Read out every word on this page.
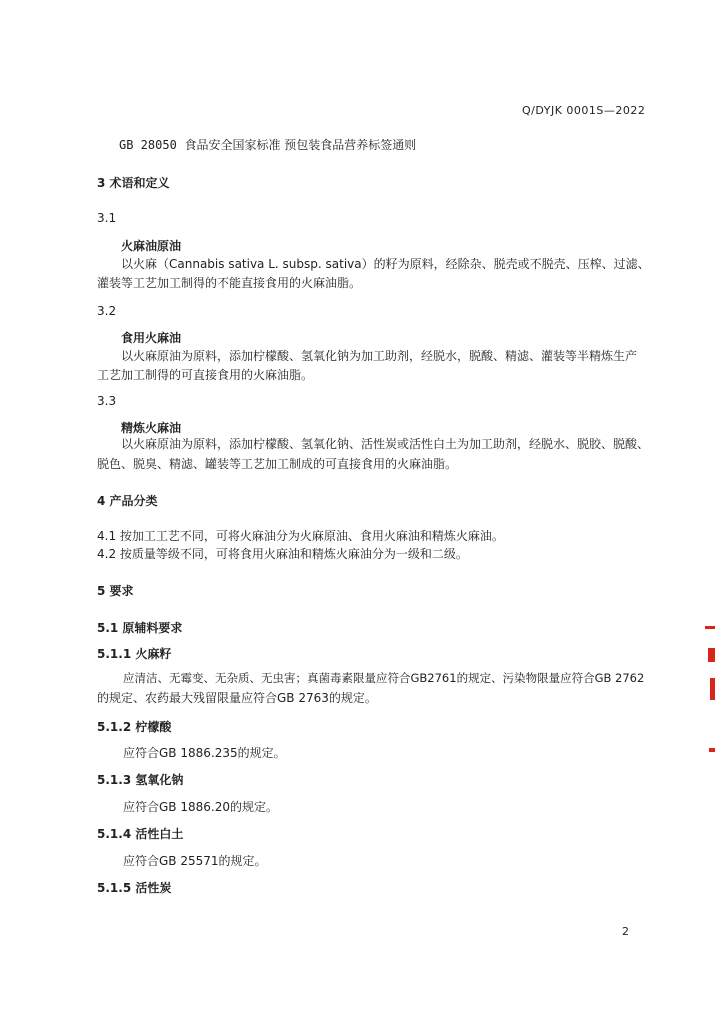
Q/DYJK 0001S—2022
GB 28050 食品安全国家标准 预包装食品营养标签通则
3 术语和定义
3.1
火麻油原油
以火麻（Cannabis sativa L. subsp. sativa）的籽为原料，经除杂、脱壳或不脱壳、压榨、过滤、
灌装等工艺加工制得的不能直接食用的火麻油脂。
3.2
食用火麻油
以火麻原油为原料，添加柠檬酸、氢氧化钠为加工助剂，经脱水，脱酸、精滤、灌装等半精炼生产
工艺加工制得的可直接食用的火麻油脂。
3.3
精炼火麻油
以火麻原油为原料，添加柠檬酸、氢氧化钠、活性炭或活性白土为加工助剂，经脱水、脱胶、脱酸、
脱色、脱臭、精滤、罐装等工艺加工制成的可直接食用的火麻油脂。
4 产品分类
4.1 按加工工艺不同，可将火麻油分为火麻原油、食用火麻油和精炼火麻油。
4.2 按质量等级不同，可将食用火麻油和精炼火麻油分为一级和二级。
5 要求
5.1 原辅料要求
5.1.1 火麻籽
应清洁、无霉变、无杂质、无虫害；真菌毒素限量应符合GB2761的规定、污染物限量应符合GB 2762
的规定、农药最大残留限量应符合GB 2763的规定。
5.1.2 柠檬酸
应符合GB 1886.235的规定。
5.1.3 氢氧化钠
应符合GB 1886.20的规定。
5.1.4 活性白土
应符合GB 25571的规定。
5.1.5 活性炭
2
